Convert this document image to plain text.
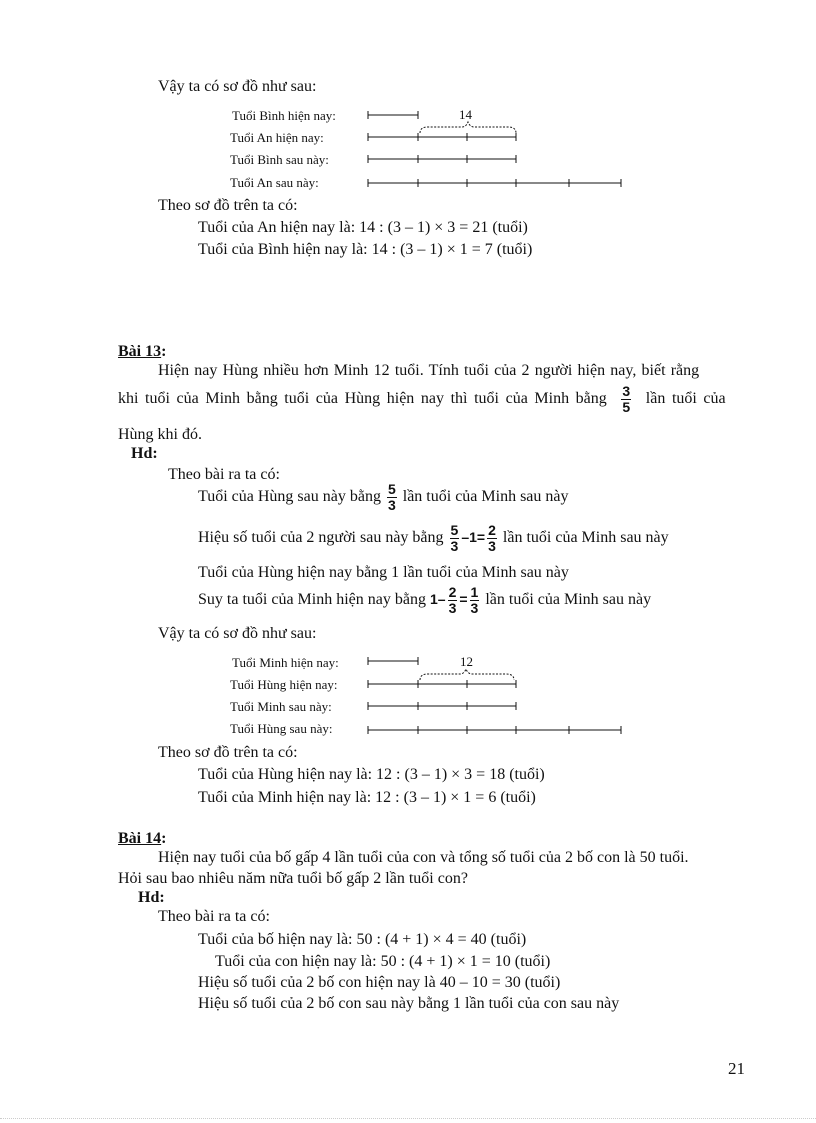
Vậy ta có sơ đồ như sau:
Tuổi Bình hiện nay:
Tuổi An hiện nay:
Tuổi Bình sau này:
Tuổi An sau này:
14
Theo sơ đồ trên ta có:
Tuổi của An hiện nay là: 14 : (3 – 1) × 3 = 21 (tuổi)
Tuổi của Bình hiện nay là: 14 : (3 – 1) × 1 = 7 (tuổi)
Bài 13:
Hiện nay Hùng nhiều hơn Minh 12 tuổi. Tính tuổi của 2 người hiện nay, biết rằng
khi tuổi của Minh bằng tuổi của Hùng hiện nay thì tuổi của Minh bằng $\frac{3}{5}$ lần tuổi của
Hùng khi đó.
Hd:
Theo bài ra ta có:
Tuổi của Hùng sau này bằng $\frac{5}{3}$ lần tuổi của Minh sau này
Hiệu số tuổi của 2 người sau này bằng $\frac{5}{3} -1= \frac{2}{3}$ lần tuổi của Minh sau này
Tuổi của Hùng hiện nay bằng 1 lần tuổi của Minh sau này
Suy ta tuổi của Minh hiện nay bằng $1- \frac{2}{3} = \frac{1}{3}$ lần tuổi của Minh sau này
Vậy ta có sơ đồ như sau:
Tuổi Minh hiện nay:
Tuổi Hùng hiện nay:
Tuổi Minh sau này:
Tuổi Hùng sau này:
12
Theo sơ đồ trên ta có:
Tuổi của Hùng hiện nay là: 12 : (3 – 1) × 3 = 18 (tuổi)
Tuổi của Minh hiện nay là: 12 : (3 – 1) × 1 = 6 (tuổi)
Bài 14:
Hiện nay tuổi của bố gấp 4 lần tuổi của con và tổng số tuổi của 2 bố con là 50 tuổi.
Hỏi sau bao nhiêu năm nữa tuổi bố gấp 2 lần tuổi con?
Hd:
Theo bài ra ta có:
Tuổi của bố hiện nay là: 50 : (4 + 1) × 4 = 40 (tuổi)
Tuổi của con hiện nay là: 50 : (4 + 1) × 1 = 10 (tuổi)
Hiệu số tuổi của 2 bố con hiện nay là 40 – 10 = 30 (tuổi)
Hiệu số tuổi của 2 bố con sau này bằng 1 lần tuổi của con sau này
21
